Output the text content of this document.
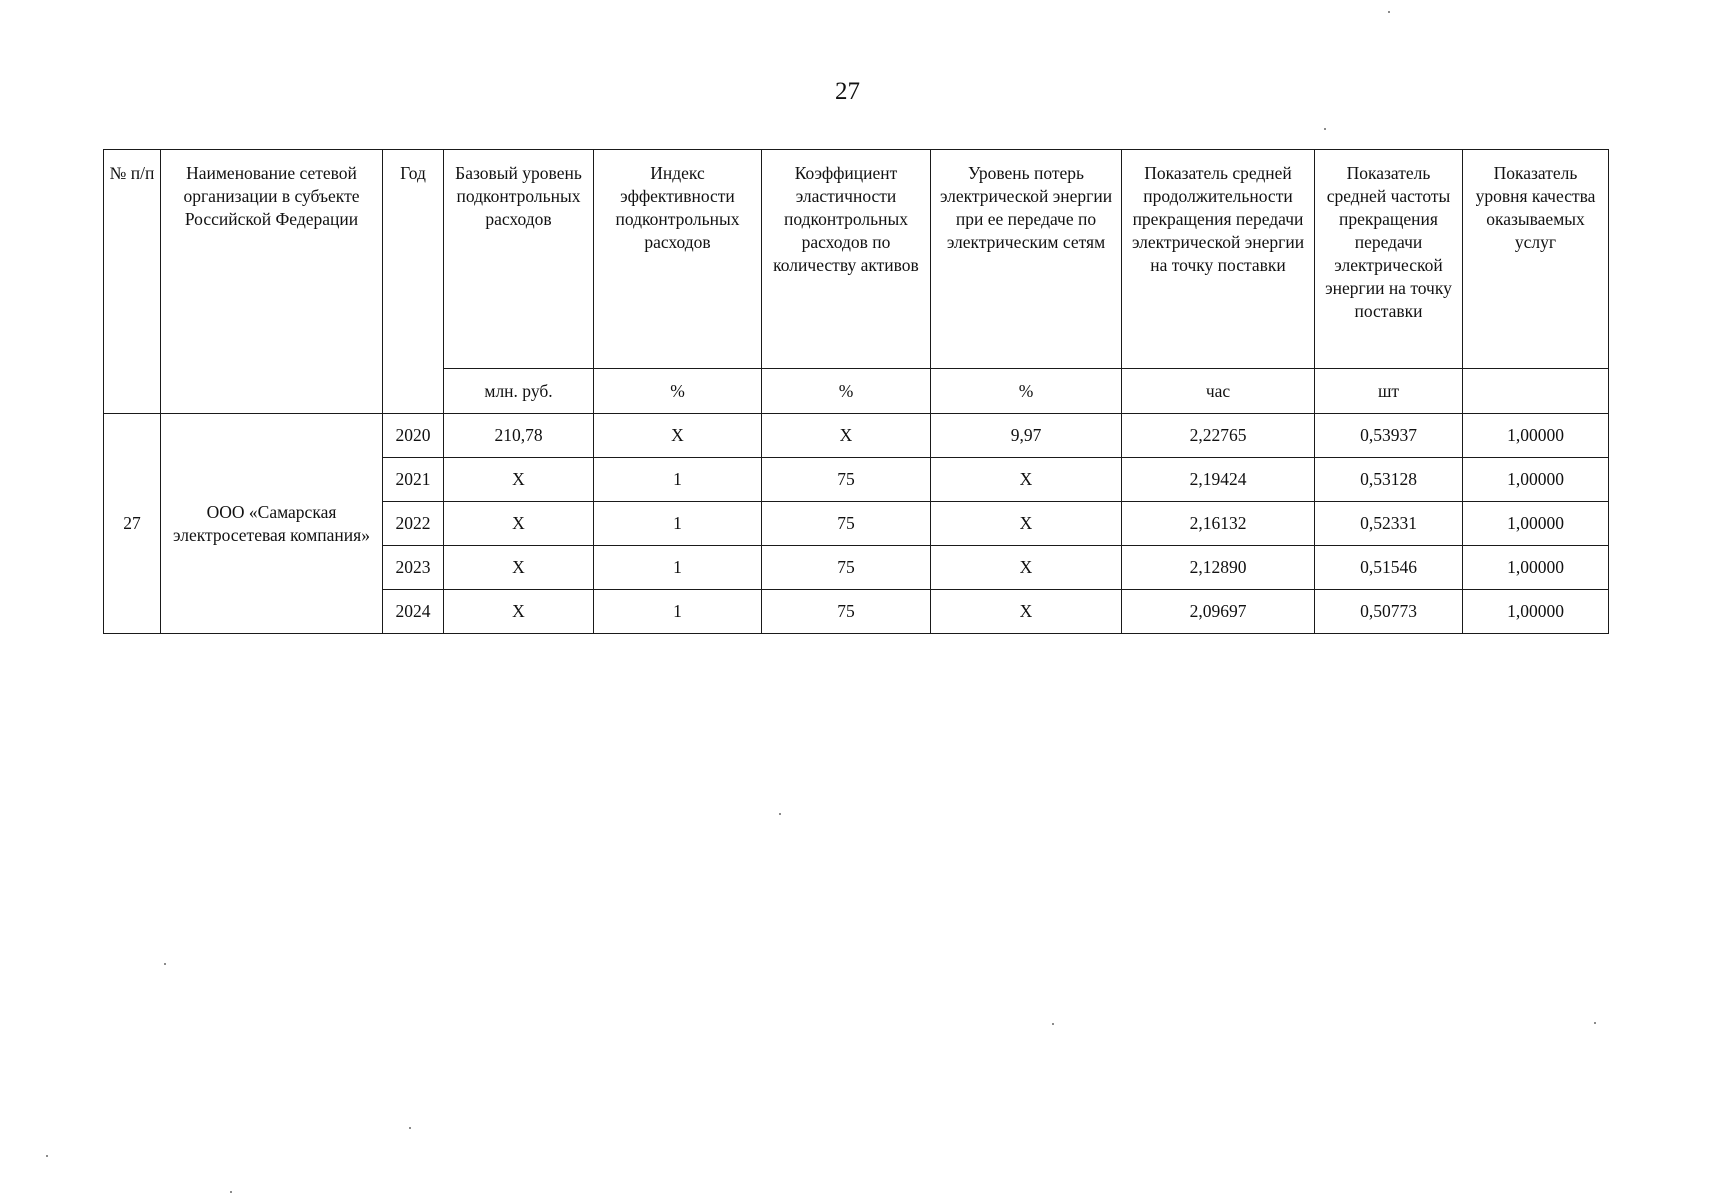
27
№ п/п	Наименование сетевой организации в субъекте Российской Федерации	Год	Базовый уровень подконтрольных расходов	Индекс эффективности подконтрольных расходов	Коэффициент эластичности подконтрольных расходов по количеству активов	Уровень потерь электрической энергии при ее передаче по электрическим сетям	Показатель средней продолжительности прекращения передачи электрической энергии на точку поставки	Показатель средней частоты прекращения передачи электрической энергии на точку поставки	Показатель уровня качества оказываемых услуг
			млн. руб.	%	%	%	час	шт	
27	ООО «Самарская электросетевая компания»	2020	210,78	X	X	9,97	2,22765	0,53937	1,00000
		2021	X	1	75	X	2,19424	0,53128	1,00000
		2022	X	1	75	X	2,16132	0,52331	1,00000
		2023	X	1	75	X	2,12890	0,51546	1,00000
		2024	X	1	75	X	2,09697	0,50773	1,00000
